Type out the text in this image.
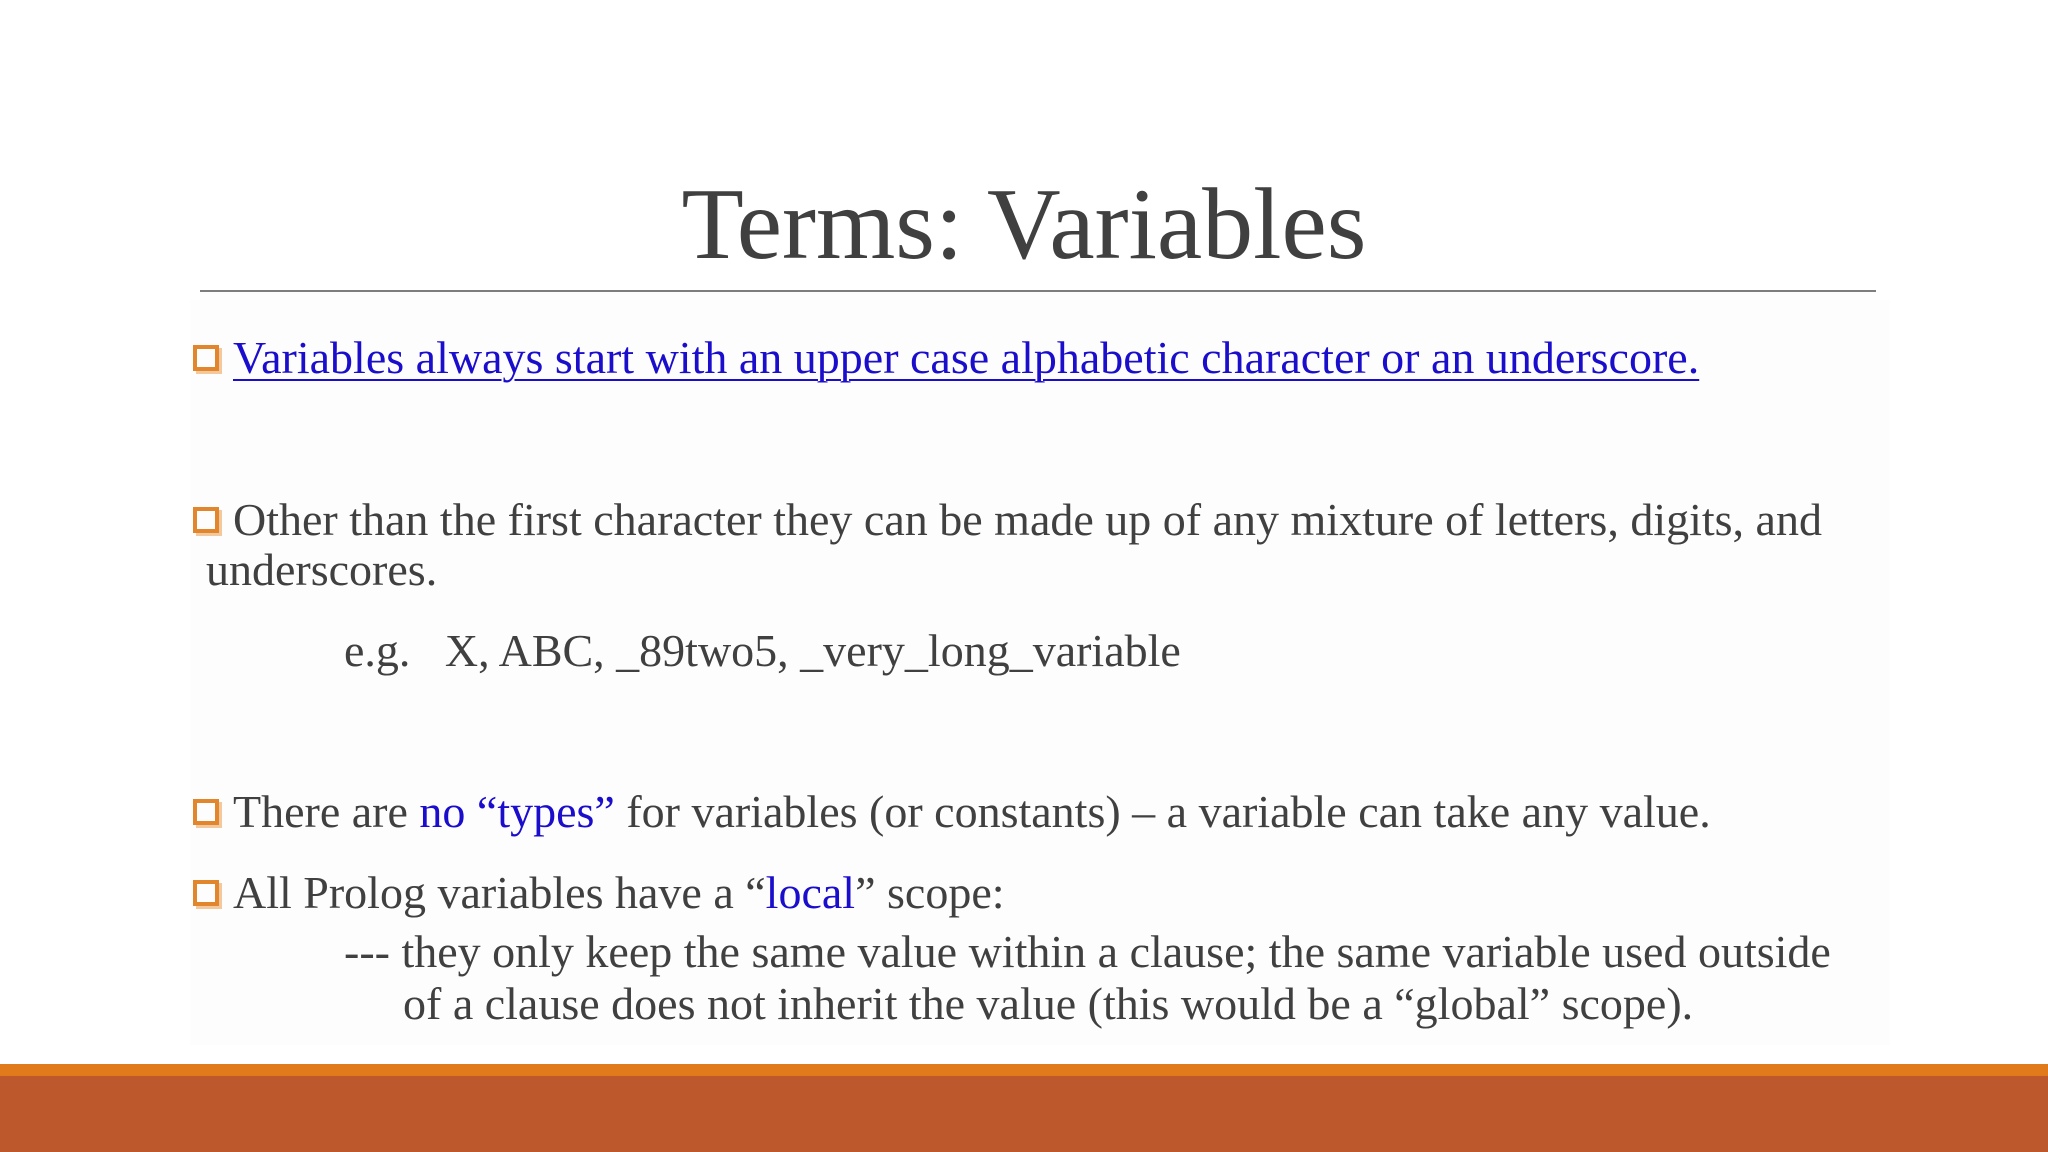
Terms: Variables
Variables always start with an upper case alphabetic character or an underscore.
Other than the first character they can be made up of any mixture of letters, digits, and
underscores.
e.g.   X, ABC, _89two5, _very_long_variable
There are no “types” for variables (or constants) – a variable can take any value.
All Prolog variables have a “local” scope:
--- they only keep the same value within a clause; the same variable used outside
of a clause does not inherit the value (this would be a “global” scope).
